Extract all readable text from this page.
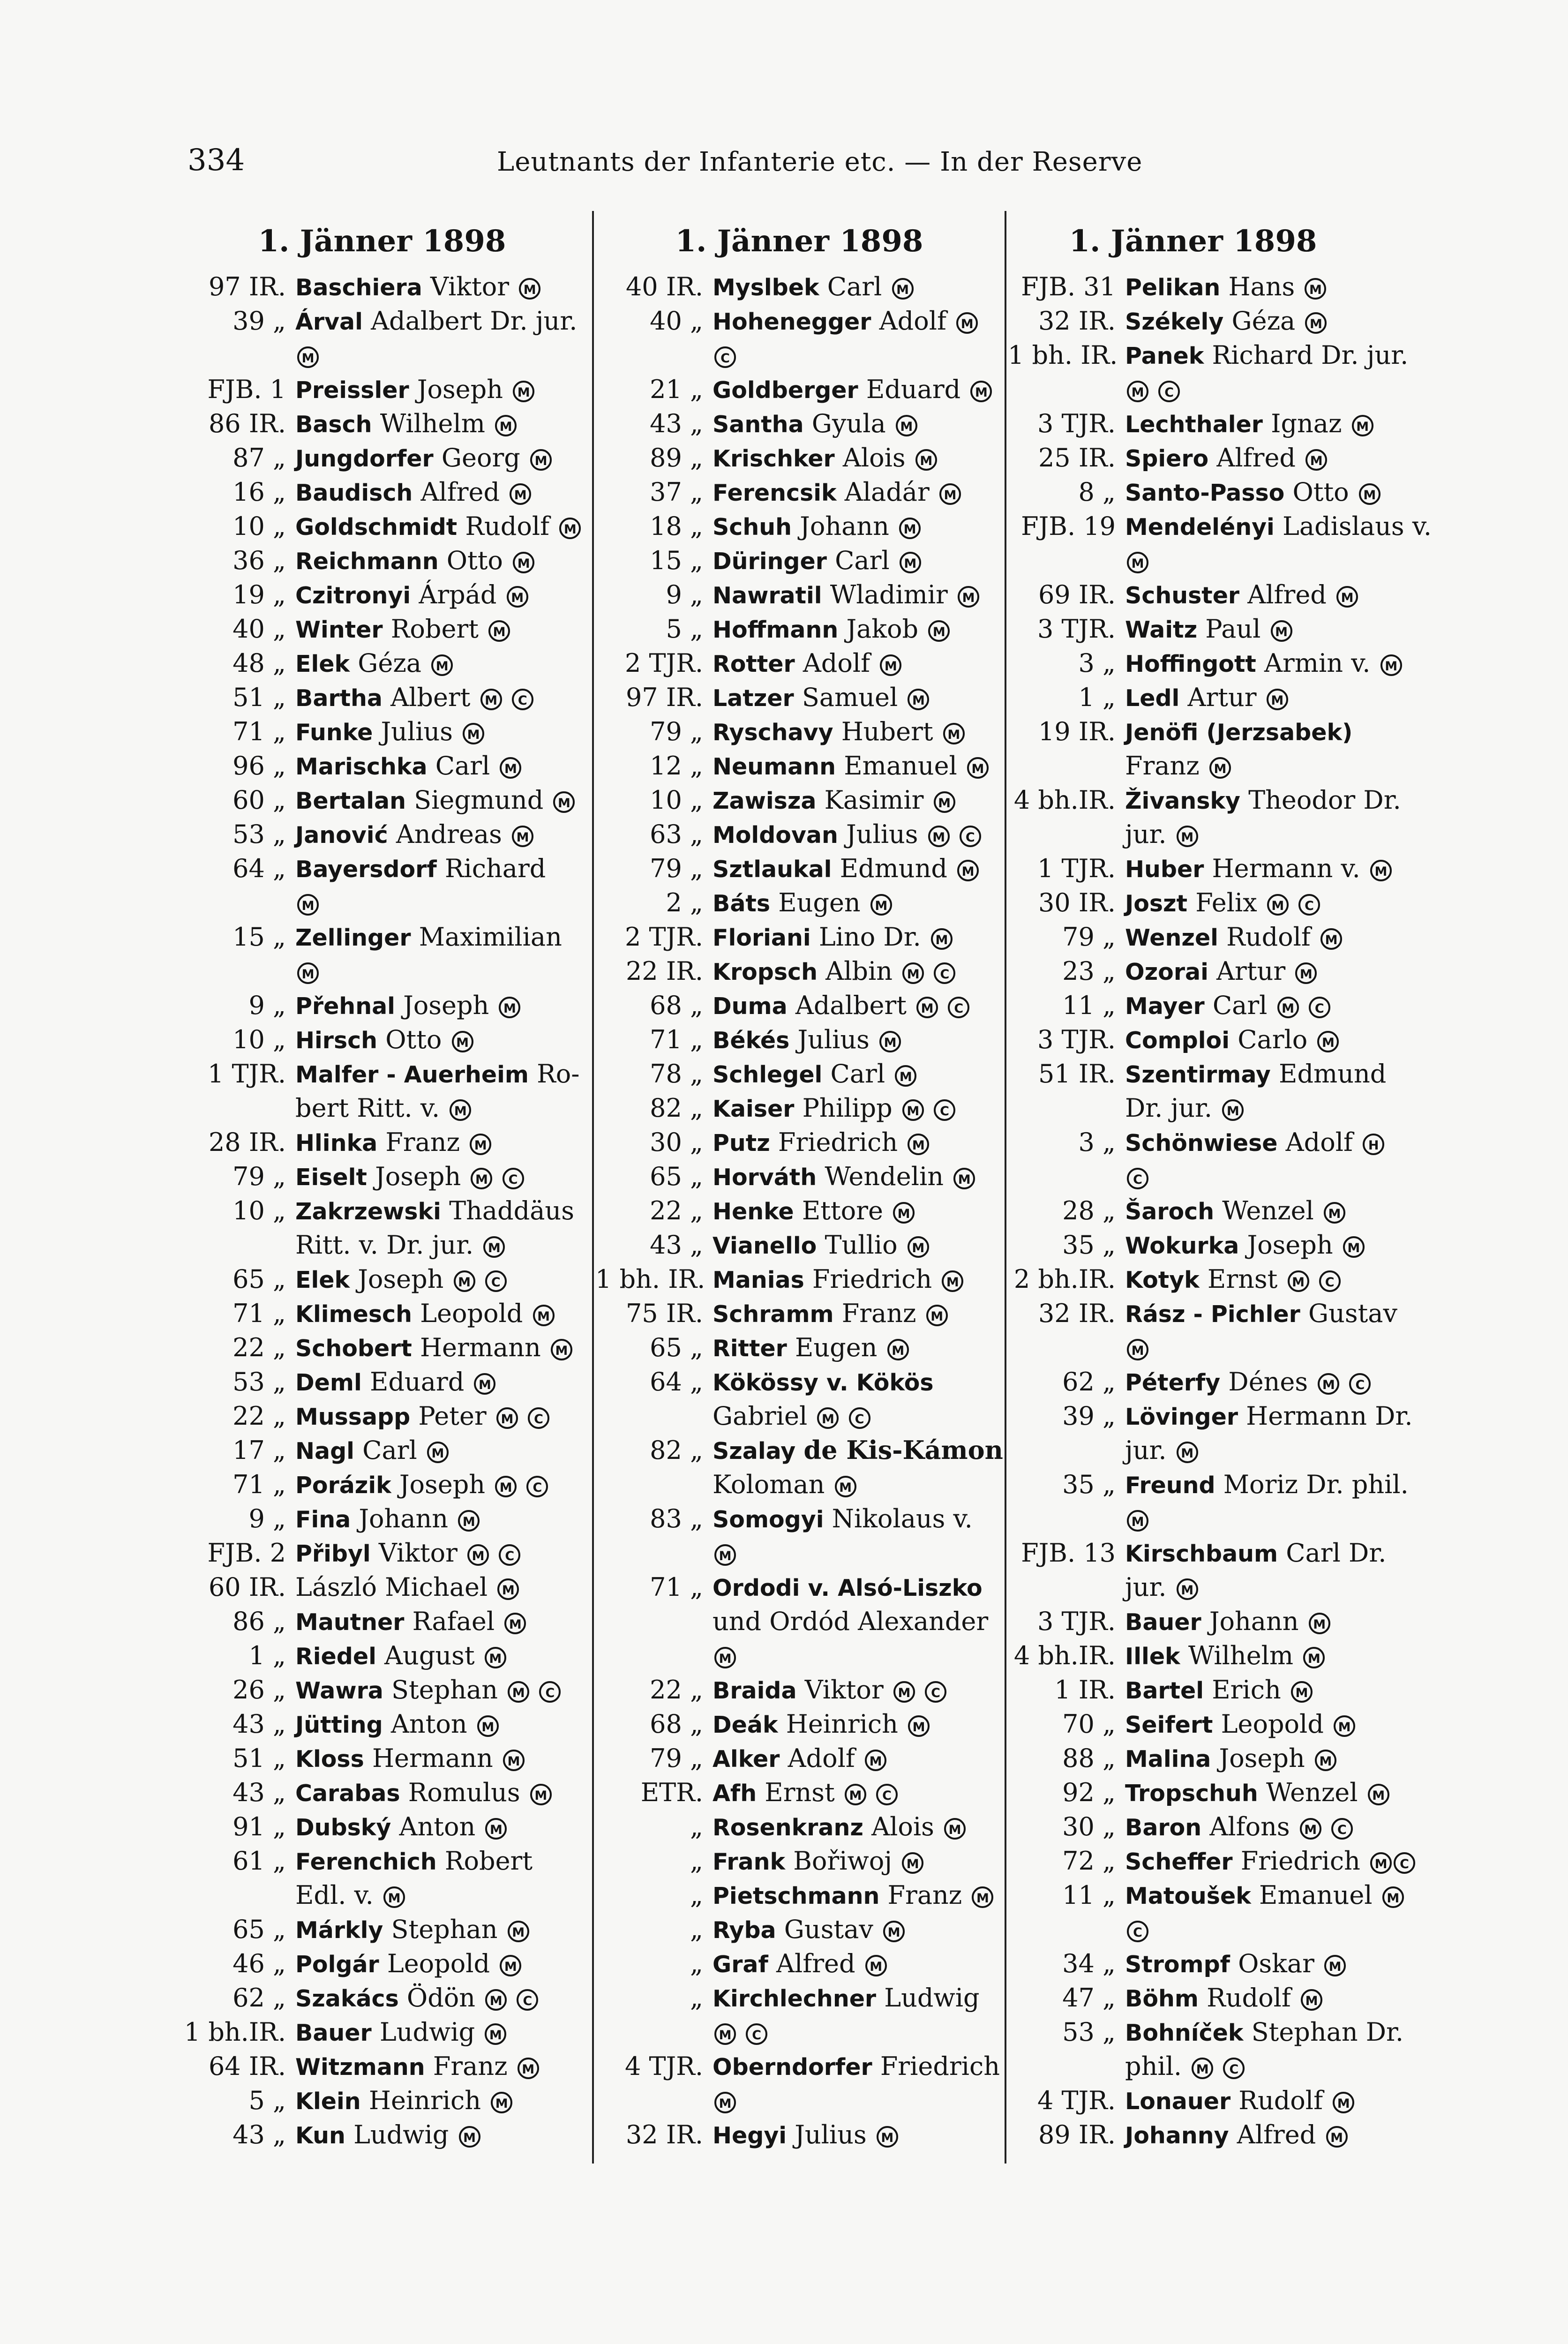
334	Leutnants der Infanterie etc. — In der Reserve
1. Jänner 1898
97 IR. Baschiera Viktor M
39 „ Árval Adalbert Dr. jur.
M
FJB. 1 Preissler Joseph M
86 IR. Basch Wilhelm M
87 „ Jungdorfer Georg M
16 „ Baudisch Alfred M
10 „ Goldschmidt Rudolf M
36 „ Reichmann Otto M
19 „ Czitronyi Árpád M
40 „ Winter Robert M
48 „ Elek Géza M
51 „ Bartha Albert M C
71 „ Funke Julius M
96 „ Marischka Carl M
60 „ Bertalan Siegmund M
53 „ Janović Andreas M
64 „ Bayersdorf Richard
M
15 „ Zellinger Maximilian
M
9 „ Přehnal Joseph M
10 „ Hirsch Otto M
1 TJR. Malfer - Auerheim Ro-
bert Ritt. v. M
28 IR. Hlinka Franz M
79 „ Eiselt Joseph M C
10 „ Zakrzewski Thaddäus
Ritt. v. Dr. jur. M
65 „ Elek Joseph M C
71 „ Klimesch Leopold M
22 „ Schobert Hermann M
53 „ Deml Eduard M
22 „ Mussapp Peter M C
17 „ Nagl Carl M
71 „ Porázik Joseph M C
9 „ Fina Johann M
FJB. 2 Přibyl Viktor M C
60 IR. László Michael M
86 „ Mautner Rafael M
1 „ Riedel August M
26 „ Wawra Stephan M C
43 „ Jütting Anton M
51 „ Kloss Hermann M
43 „ Carabas Romulus M
91 „ Dubský Anton M
61 „ Ferenchich Robert
Edl. v. M
65 „ Márkly Stephan M
46 „ Polgár Leopold M
62 „ Szakács Ödön M C
1 bh.IR. Bauer Ludwig M
64 IR. Witzmann Franz M
5 „ Klein Heinrich M
43 „ Kun Ludwig M
1. Jänner 1898
40 IR. Myslbek Carl M
40 „ Hohenegger Adolf M
C
21 „ Goldberger Eduard M
43 „ Santha Gyula M
89 „ Krischker Alois M
37 „ Ferencsik Aladár M
18 „ Schuh Johann M
15 „ Düringer Carl M
9 „ Nawratil Wladimir M
5 „ Hoffmann Jakob M
2 TJR. Rotter Adolf M
97 IR. Latzer Samuel M
79 „ Ryschavy Hubert M
12 „ Neumann Emanuel M
10 „ Zawisza Kasimir M
63 „ Moldovan Julius M C
79 „ Sztlaukal Edmund M
2 „ Báts Eugen M
2 TJR. Floriani Lino Dr. M
22 IR. Kropsch Albin M C
68 „ Duma Adalbert M C
71 „ Békés Julius M
78 „ Schlegel Carl M
82 „ Kaiser Philipp M C
30 „ Putz Friedrich M
65 „ Horváth Wendelin M
22 „ Henke Ettore M
43 „ Vianello Tullio M
1 bh. IR. Manias Friedrich M
75 IR. Schramm Franz M
65 „ Ritter Eugen M
64 „ Kökössy v. Kökös
Gabriel M C
82 „ Szalay de Kis-Kámon
Koloman M
83 „ Somogyi Nikolaus v.
M
71 „ Ordodi v. Alsó-Liszko
und Ordód Alexander
M
22 „ Braida Viktor M C
68 „ Deák Heinrich M
79 „ Alker Adolf M
ETR. Afh Ernst M C
„ Rosenkranz Alois M
„ Frank Bořiwoj M
„ Pietschmann Franz M
„ Ryba Gustav M
„ Graf Alfred M
„ Kirchlechner Ludwig
M C
4 TJR. Oberndorfer Friedrich
M
32 IR. Hegyi Julius M
1. Jänner 1898
FJB. 31 Pelikan Hans M
32 IR. Székely Géza M
1 bh. IR. Panek Richard Dr. jur.
M C
3 TJR. Lechthaler Ignaz M
25 IR. Spiero Alfred M
8 „ Santo-Passo Otto M
FJB. 19 Mendelényi Ladislaus v.
M
69 IR. Schuster Alfred M
3 TJR. Waitz Paul M
3 „ Hoffingott Armin v. M
1 „ Ledl Artur M
19 IR. Jenöfi (Jerzsabek)
Franz M
4 bh.IR. Živansky Theodor Dr.
jur. M
1 TJR. Huber Hermann v. M
30 IR. Joszt Felix M C
79 „ Wenzel Rudolf M
23 „ Ozorai Artur M
11 „ Mayer Carl M C
3 TJR. Comploi Carlo M
51 IR. Szentirmay Edmund
Dr. jur. M
3 „ Schönwiese Adolf H
C
28 „ Šaroch Wenzel M
35 „ Wokurka Joseph M
2 bh.IR. Kotyk Ernst M C
32 IR. Rász - Pichler Gustav
M
62 „ Péterfy Dénes M C
39 „ Lövinger Hermann Dr.
jur. M
35 „ Freund Moriz Dr. phil.
M
FJB. 13 Kirschbaum Carl Dr.
jur. M
3 TJR. Bauer Johann M
4 bh.IR. Illek Wilhelm M
1 IR. Bartel Erich M
70 „ Seifert Leopold M
88 „ Malina Joseph M
92 „ Tropschuh Wenzel M
30 „ Baron Alfons M C
72 „ Scheffer Friedrich M C
11 „ Matoušek Emanuel M
C
34 „ Strompf Oskar M
47 „ Böhm Rudolf M
53 „ Bohníček Stephan Dr.
phil. M C
4 TJR. Lonauer Rudolf M
89 IR. Johanny Alfred M
